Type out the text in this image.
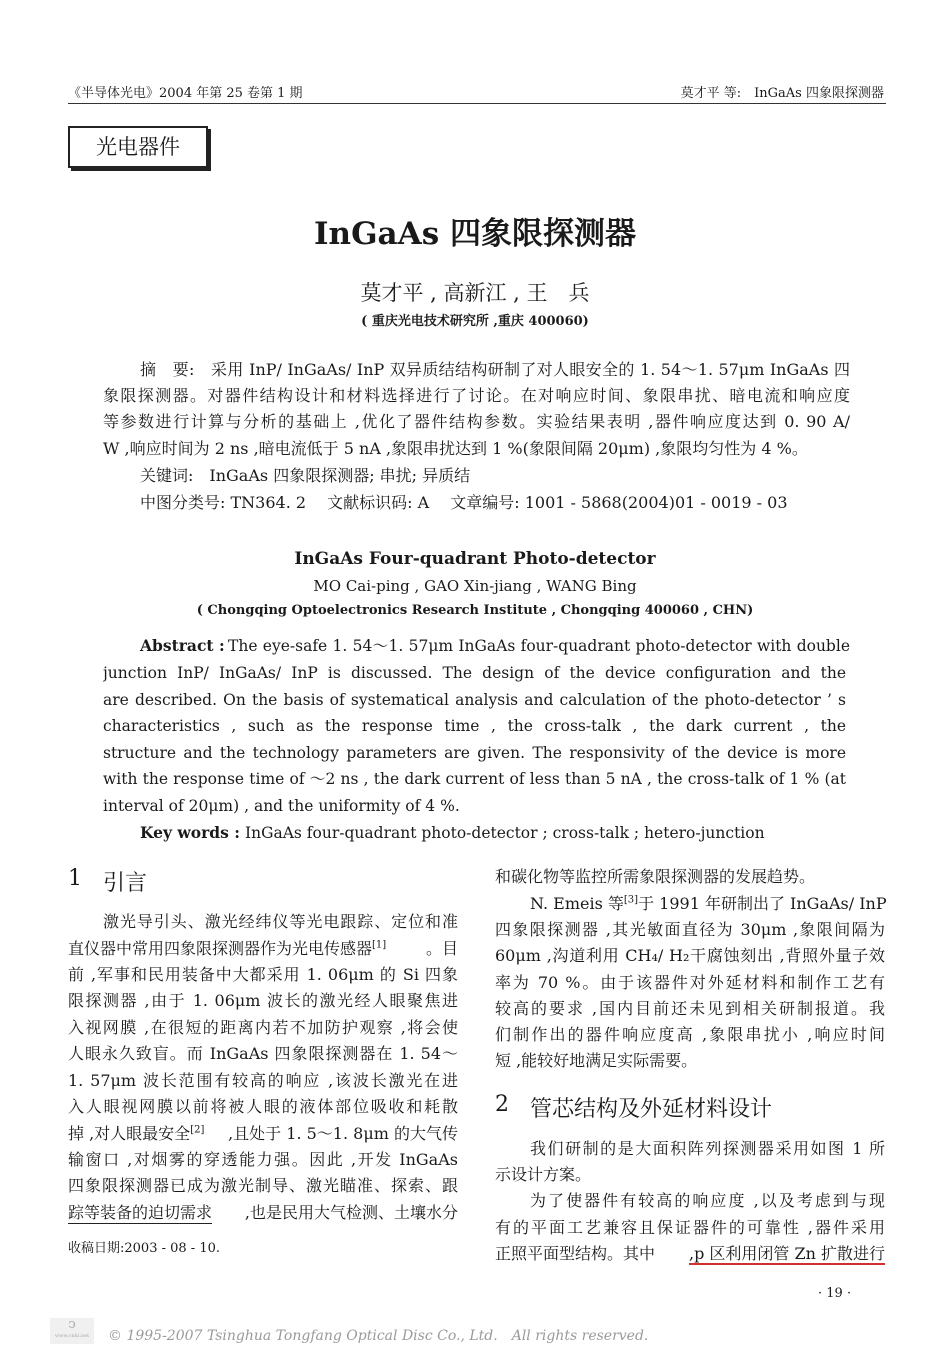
《半导体光电》2004 年第 25 卷第 1 期	莫才平 等:　InGaAs 四象限探测器
光电器件
InGaAs 四象限探测器
莫才平 , 高新江 , 王　兵
( 重庆光电技术研究所 ,重庆 400060)
摘　要:　采用 InP/ InGaAs/ InP 双异质结结构研制了对人眼安全的 1. 54～1. 57μm InGaAs 四
象限探测器。对器件结构设计和材料选择进行了讨论。在对响应时间、象限串扰、暗电流和响应度
等参数进行计算与分析的基础上 ,优化了器件结构参数。实验结果表明 ,器件响应度达到 0. 90 A/
W ,响应时间为 2 ns ,暗电流低于 5 nA ,象限串扰达到 1 %(象限间隔 20μm) ,象限均匀性为 4 %。
关键词:　InGaAs 四象限探测器; 串扰; 异质结
中图分类号: TN364. 2　 文献标识码: A　 文章编号: 1001 - 5868(2004)01 - 0019 - 03
InGaAs Four-quadrant Photo-detector
MO Cai-ping , GAO Xin-jiang , WANG Bing
( Chongqing Optoelectronics Research Institute , Chongqing 400060 , CHN)
Abstract : The eye-safe 1. 54～1. 57μm InGaAs four-quadrant photo-detector with double
junction InP/ InGaAs/ InP is discussed. The design of the device configuration and the
are described. On the basis of systematical analysis and calculation of the photo-detector ’ s
characteristics , such as the response time , the cross-talk , the dark current , the
structure and the technology parameters are given. The responsivity of the device is more
with the response time of ～2 ns , the dark current of less than 5 nA , the cross-talk of 1 % (at
interval of 20μm) , and the uniformity of 4 %.
Key words : InGaAs four-quadrant photo-detector ; cross-talk ; hetero-junction
1 引言
激光导引头、激光经纬仪等光电跟踪、定位和准
直仪器中常用四象限探测器作为光电传感器[1] 。目
前 ,军事和民用装备中大都采用 1. 06μm 的 Si 四象
限探测器 ,由于 1. 06μm 波长的激光经人眼聚焦进
入视网膜 ,在很短的距离内若不加防护观察 ,将会使
人眼永久致盲。而 InGaAs 四象限探测器在 1. 54～
1. 57μm 波长范围有较高的响应 ,该波长激光在进
入人眼视网膜以前将被人眼的液体部位吸收和耗散
掉 ,对人眼最安全[2] ,且处于 1. 5～1. 8μm 的大气传
输窗口 ,对烟雾的穿透能力强。因此 ,开发 InGaAs
四象限探测器已成为激光制导、激光瞄准、探索、跟
踪等装备的迫切需求 ,也是民用大气检测、土壤水分
收稿日期:2003 - 08 - 10.
和碳化物等监控所需象限探测器的发展趋势。
N. Emeis 等[3] 于 1991 年研制出了 InGaAs/ InP
四象限探测器 ,其光敏面直径为 30μm ,象限间隔为
60μm ,沟道利用 CH₄/ H₂干腐蚀刻出 ,背照外量子效
率为 70 %。由于该器件对外延材料和制作工艺有
较高的要求 ,国内目前还未见到相关研制报道。我
们制作出的器件响应度高 ,象限串扰小 ,响应时间
短 ,能较好地满足实际需要。
2 管芯结构及外延材料设计
我们研制的是大面积阵列探测器采用如图 1 所
示设计方案。
为了使器件有较高的响应度 ,以及考虑到与现
有的平面工艺兼容且保证器件的可靠性 ,器件采用
正照平面型结构。其中 ,p 区利用闭管 Zn 扩散进行
· 19 ·
ↄ
www.cnki.net	© 1995-2007 Tsinghua Tongfang Optical Disc Co., Ltd.　All rights reserved.
